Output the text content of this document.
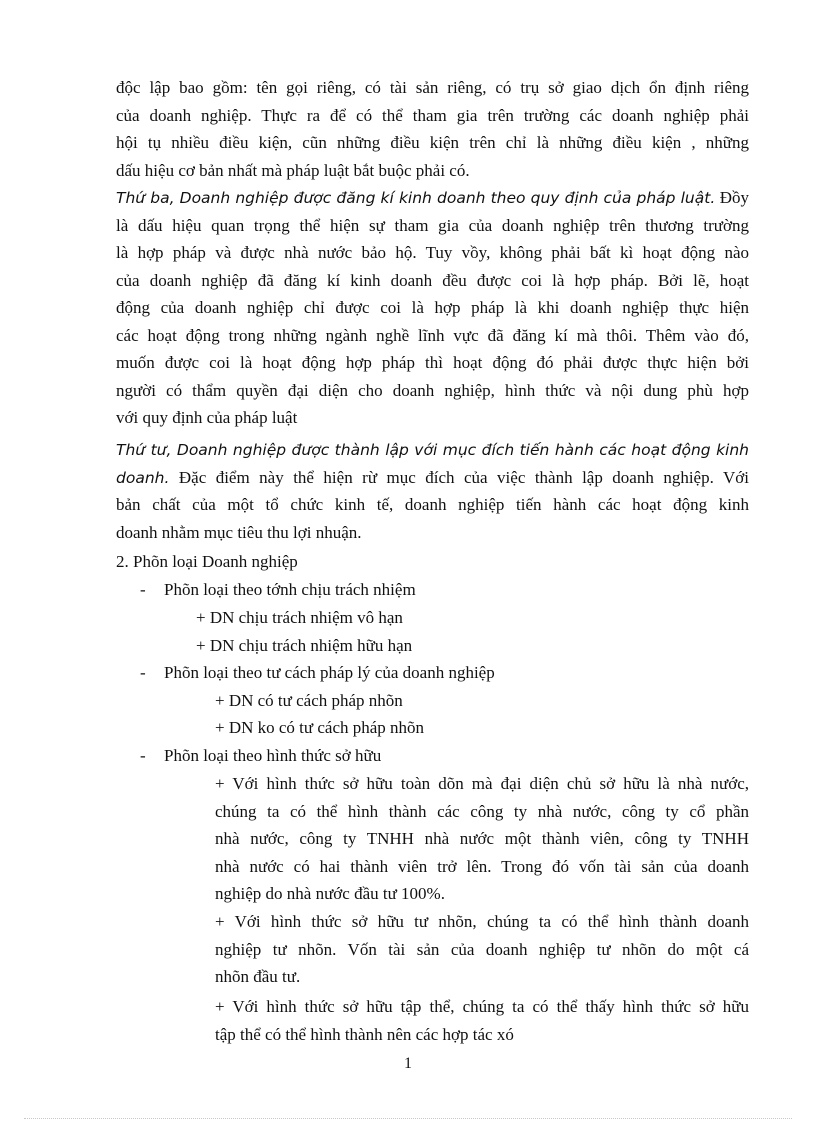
độc lập bao gồm: tên gọi riêng, có tài sản riêng, có trụ sở giao dịch ổn định riêng
của doanh nghiệp. Thực ra để có thể tham gia trên trường các doanh nghiệp phải
hội tụ nhiều điều kiện, cũn những điều kiện trên chỉ là những điều kiện , những
dấu hiệu cơ bản nhất mà pháp luật bắt buộc phải có.
Thứ ba, Doanh nghiệp được đăng kí kinh doanh theo quy định của pháp luật. Đồy
là dấu hiệu quan trọng thể hiện sự tham gia của doanh nghiệp trên thương trường
là hợp pháp và được nhà nước bảo hộ. Tuy vồy, không phải bất kì hoạt động nào
của doanh nghiệp đã đăng kí kinh doanh đều được coi là hợp pháp. Bởi lẽ, hoạt
động của doanh nghiệp chỉ được coi là hợp pháp là khi doanh nghiệp thực hiện
các hoạt động trong những ngành nghề lĩnh vực đã đăng kí mà thôi. Thêm vào đó,
muốn được coi là hoạt động hợp pháp thì hoạt động đó phải được thực hiện bởi
người có thẩm quyền đại diện cho doanh nghiệp, hình thức và nội dung phù hợp
với quy định của pháp luật
Thứ tư, Doanh nghiệp được thành lập với mục đích tiến hành các hoạt động kinh
doanh. Đặc điểm này thể hiện rừ mục đích của việc thành lập doanh nghiệp. Với
bản chất của một tổ chức kinh tế, doanh nghiệp tiến hành các hoạt động kinh
doanh nhằm mục tiêu thu lợi nhuận.
2. Phõn loại Doanh nghiệp
- Phõn loại theo tớnh chịu trách nhiệm
+ DN chịu trách nhiệm vô hạn
+ DN chịu trách nhiệm hữu hạn
- Phõn loại theo tư cách pháp lý của doanh nghiệp
+ DN có tư cách pháp nhõn
+ DN ko có tư cách pháp nhõn
- Phõn loại theo hình thức sở hữu
+ Với hình thức sở hữu toàn dõn mà đại diện chủ sở hữu là nhà nước,
chúng ta có thể hình thành các công ty nhà nước, công ty cổ phần
nhà nước, công ty TNHH nhà nước một thành viên, công ty TNHH
nhà nước có hai thành viên trở lên. Trong đó vốn tài sản của doanh
nghiệp do nhà nước đầu tư 100%.
+ Với hình thức sở hữu tư nhõn, chúng ta có thể hình thành doanh
nghiệp tư nhõn. Vốn tài sản của doanh nghiệp tư nhõn do một cá
nhõn đầu tư.
+ Với hình thức sở hữu tập thể, chúng ta có thể thấy hình thức sở hữu
tập thể có thể hình thành nên các hợp tác xó
1
